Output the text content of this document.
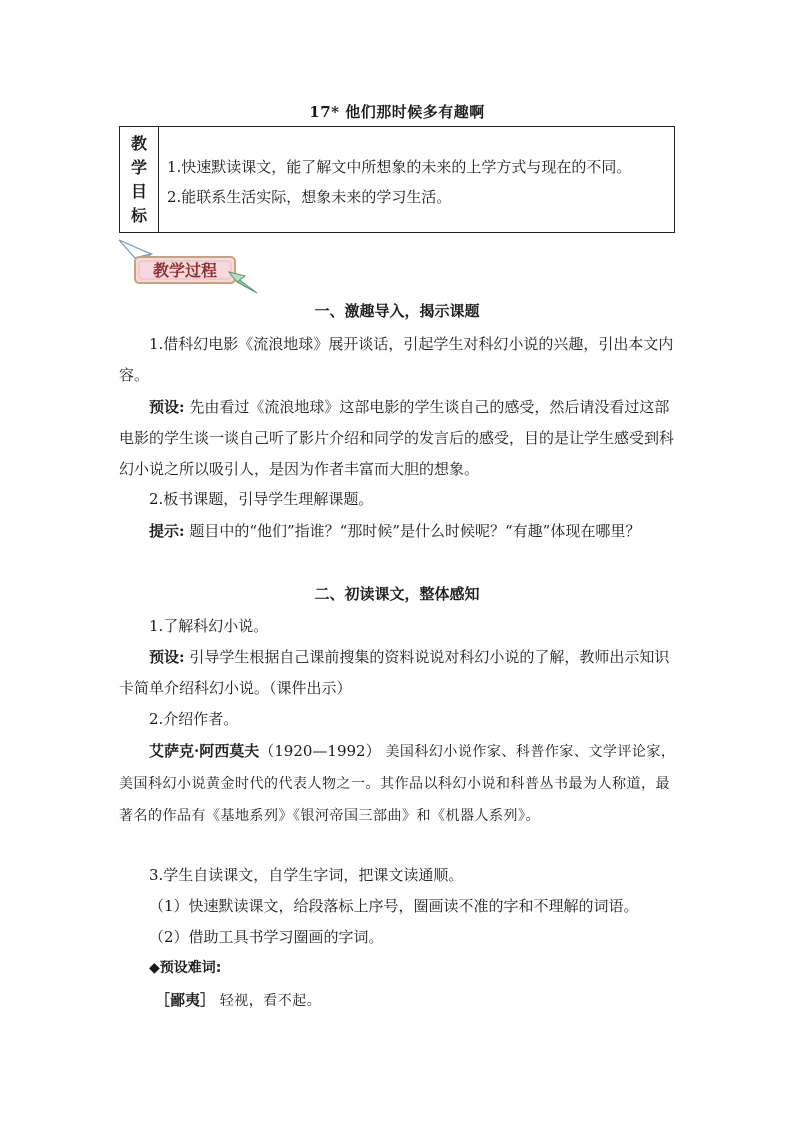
17* 他们那时候多有趣啊
教
学
目
标
1.快速默读课文，能了解文中所想象的未来的上学方式与现在的不同。
2.能联系生活实际，想象未来的学习生活。
教学过程
一、激趣导入，揭示课题

1.借科幻电影《流浪地球》展开谈话，引起学生对科幻小说的兴趣，引出本文内容。

预设: 先由看过《流浪地球》这部电影的学生谈自己的感受，然后请没看过这部电影的学生谈一谈自己听了影片介绍和同学的发言后的感受，目的是让学生感受到科幻小说之所以吸引人，是因为作者丰富而大胆的想象。

2.板书课题，引导学生理解课题。

提示: 题目中的“他们”指谁？“那时候”是什么时候呢？“有趣”体现在哪里？

二、初读课文，整体感知

1.了解科幻小说。

预设: 引导学生根据自己课前搜集的资料说说对科幻小说的了解，教师出示知识卡简单介绍科幻小说。（课件出示）

2.介绍作者。

艾萨克·阿西莫夫（1920—1992） 美国科幻小说作家、科普作家、文学评论家，美国科幻小说黄金时代的代表人物之一。其作品以科幻小说和科普丛书最为人称道，最著名的作品有《基地系列》《银河帝国三部曲》和《机器人系列》。

3.学生自读课文，自学生字词，把课文读通顺。

（1）快速默读课文，给段落标上序号，圈画读不准的字和不理解的词语。

（2）借助工具书学习圈画的字词。

◆预设难词:

［鄙夷］ 轻视，看不起。
